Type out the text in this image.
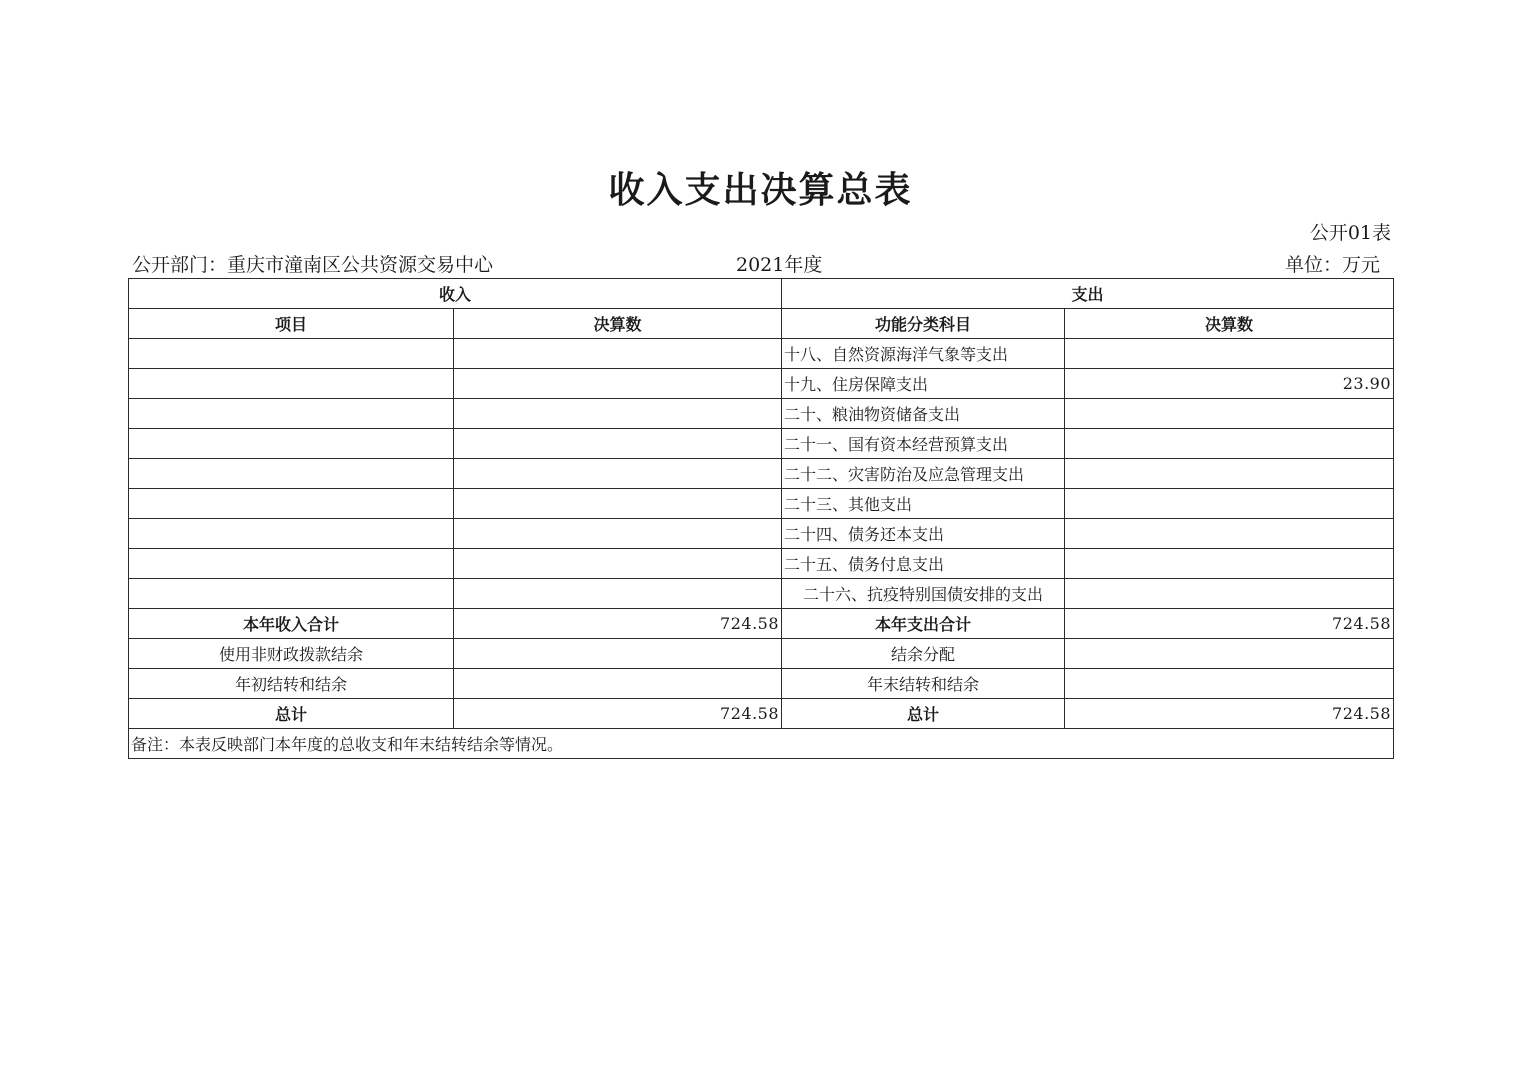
收入支出决算总表
公开01表
公开部门：重庆市潼南区公共资源交易中心	2021年度	单位：万元
收入		支出	
项目	决算数	功能分类科目	决算数
		十八、自然资源海洋气象等支出	
		十九、住房保障支出	23.90
		二十、粮油物资储备支出	
		二十一、国有资本经营预算支出	
		二十二、灾害防治及应急管理支出	
		二十三、其他支出	
		二十四、债务还本支出	
		二十五、债务付息支出	
		二十六、抗疫特别国债安排的支出	
本年收入合计	724.58	本年支出合计	724.58
使用非财政拨款结余		结余分配	
年初结转和结余		年末结转和结余	
总计	724.58	总计	724.58
备注：本表反映部门本年度的总收支和年末结转结余等情况。			
